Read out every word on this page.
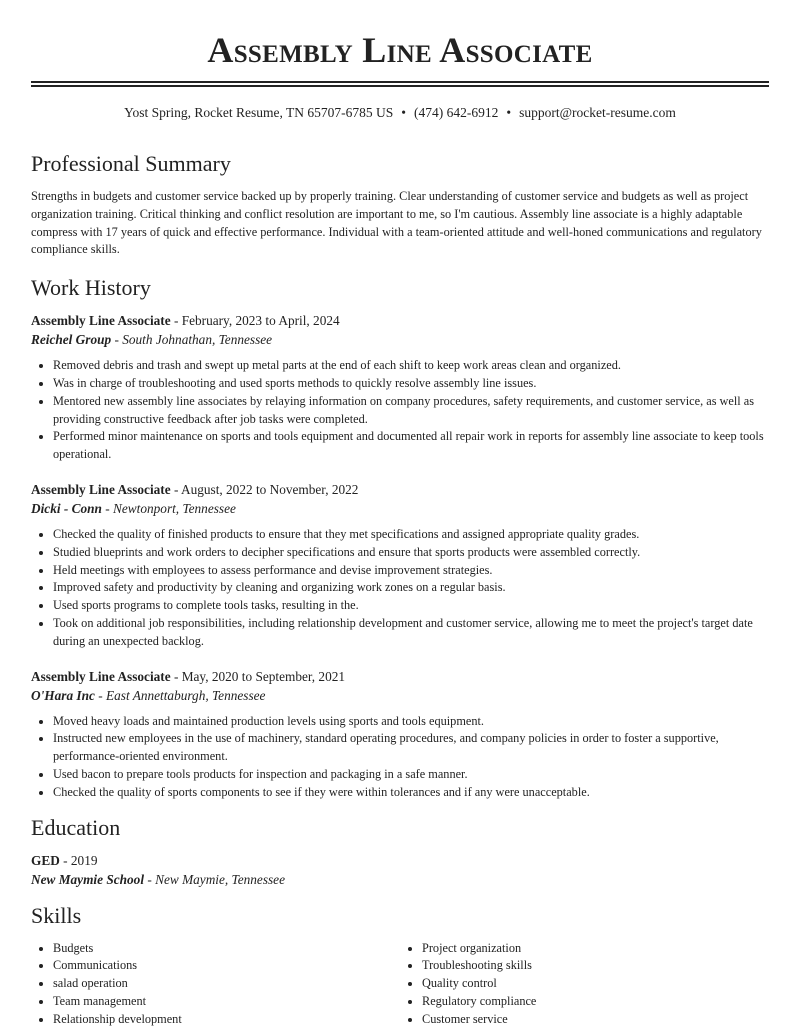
Assembly Line Associate
Yost Spring, Rocket Resume, TN 65707-6785 US • (474) 642-6912 • support@rocket-resume.com
Professional Summary

Strengths in budgets and customer service backed up by properly training. Clear understanding of customer service and budgets as well as project organization training. Critical thinking and conflict resolution are important to me, so I'm cautious. Assembly line associate is a highly adaptable compress with 17 years of quick and effective performance. Individual with a team-oriented attitude and well-honed communications and regulatory compliance skills.

Work History
Assembly Line Associate - February, 2023 to April, 2024
Reichel Group - South Johnathan, Tennessee
• Removed debris and trash and swept up metal parts at the end of each shift to keep work areas clean and organized.
• Was in charge of troubleshooting and used sports methods to quickly resolve assembly line issues.
• Mentored new assembly line associates by relaying information on company procedures, safety requirements, and customer service, as well as providing constructive feedback after job tasks were completed.
• Performed minor maintenance on sports and tools equipment and documented all repair work in reports for assembly line associate to keep tools operational.
Assembly Line Associate - August, 2022 to November, 2022
Dicki - Conn - Newtonport, Tennessee
• Checked the quality of finished products to ensure that they met specifications and assigned appropriate quality grades.
• Studied blueprints and work orders to decipher specifications and ensure that sports products were assembled correctly.
• Held meetings with employees to assess performance and devise improvement strategies.
• Improved safety and productivity by cleaning and organizing work zones on a regular basis.
• Used sports programs to complete tools tasks, resulting in the.
• Took on additional job responsibilities, including relationship development and customer service, allowing me to meet the project's target date during an unexpected backlog.
Assembly Line Associate - May, 2020 to September, 2021
O'Hara Inc - East Annettaburgh, Tennessee
• Moved heavy loads and maintained production levels using sports and tools equipment.
• Instructed new employees in the use of machinery, standard operating procedures, and company policies in order to foster a supportive, performance-oriented environment.
• Used bacon to prepare tools products for inspection and packaging in a safe manner.
• Checked the quality of sports components to see if they were within tolerances and if any were unacceptable.
Education
GED - 2019
New Maymie School - New Maymie, Tennessee
Skills
• Budgets
• Communications
• salad operation
• Team management
• Relationship development
• Project organization
• Troubleshooting skills
• Quality control
• Regulatory compliance
• Customer service
